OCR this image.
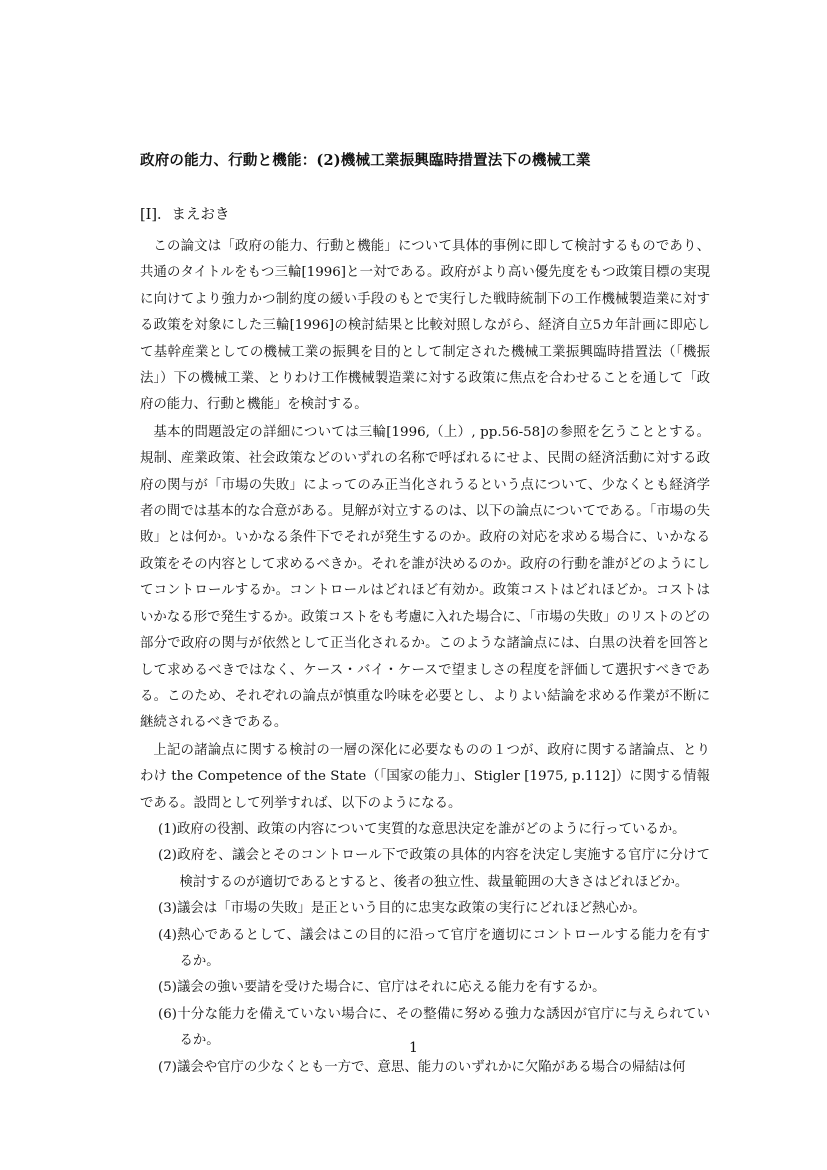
政府の能力、行動と機能：(2)機械工業振興臨時措置法下の機械工業
[I]．まえおき

この論文は「政府の能力、行動と機能」について具体的事例に即して検討するものであり、共通のタイトルをもつ三輪[1996]と一対である。政府がより高い優先度をもつ政策目標の実現に向けてより強力かつ制約度の緩い手段のもとで実行した戦時統制下の工作機械製造業に対する政策を対象にした三輪[1996]の検討結果と比較対照しながら、経済自立5カ年計画に即応して基幹産業としての機械工業の振興を目的として制定された機械工業振興臨時措置法（「機振法」）下の機械工業、とりわけ工作機械製造業に対する政策に焦点を合わせることを通して「政府の能力、行動と機能」を検討する。

基本的問題設定の詳細については三輪[1996,（上）, pp.56-58]の参照を乞うこととする。規制、産業政策、社会政策などのいずれの名称で呼ばれるにせよ、民間の経済活動に対する政府の関与が「市場の失敗」によってのみ正当化されうるという点について、少なくとも経済学者の間では基本的な合意がある。見解が対立するのは、以下の論点についてである。「市場の失敗」とは何か。いかなる条件下でそれが発生するのか。政府の対応を求める場合に、いかなる政策をその内容として求めるべきか。それを誰が決めるのか。政府の行動を誰がどのようにしてコントロールするか。コントロールはどれほど有効か。政策コストはどれほどか。コストはいかなる形で発生するか。政策コストをも考慮に入れた場合に、「市場の失敗」のリストのどの部分で政府の関与が依然として正当化されるか。このような諸論点には、白黒の決着を回答として求めるべきではなく、ケース・バイ・ケースで望ましさの程度を評価して選択すべきである。このため、それぞれの論点が慎重な吟味を必要とし、よりよい結論を求める作業が不断に継続されるべきである。

上記の諸論点に関する検討の一層の深化に必要なものの１つが、政府に関する諸論点、とりわけ the Competence of the State（「国家の能力」、Stigler [1975, p.112]）に関する情報である。設問として列挙すれば、以下のようになる。

(1)政府の役割、政策の内容について実質的な意思決定を誰がどのように行っているか。
(2)政府を、議会とそのコントロール下で政策の具体的内容を決定し実施する官庁に分けて検討するのが適切であるとすると、後者の独立性、裁量範囲の大きさはどれほどか。
(3)議会は「市場の失敗」是正という目的に忠実な政策の実行にどれほど熱心か。
(4)熱心であるとして、議会はこの目的に沿って官庁を適切にコントロールする能力を有するか。
(5)議会の強い要請を受けた場合に、官庁はそれに応える能力を有するか。
(6)十分な能力を備えていない場合に、その整備に努める強力な誘因が官庁に与えられているか。
(7)議会や官庁の少なくとも一方で、意思、能力のいずれかに欠陥がある場合の帰結は何
1
